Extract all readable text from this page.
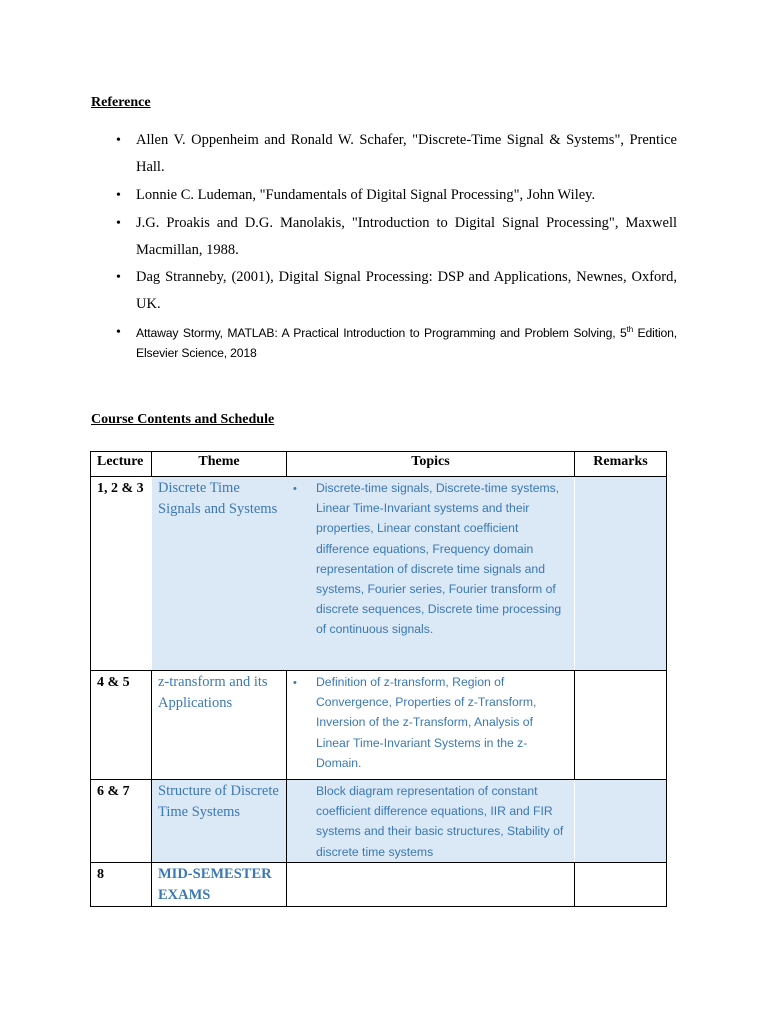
Reference
• Allen V. Oppenheim and Ronald W. Schafer, "Discrete-Time Signal & Systems", Prentice Hall.
• Lonnie C. Ludeman, "Fundamentals of Digital Signal Processing", John Wiley.
• J.G. Proakis and D.G. Manolakis, "Introduction to Digital Signal Processing", Maxwell Macmillan, 1988.
• Dag Stranneby, (2001), Digital Signal Processing: DSP and Applications, Newnes, Oxford, UK.
• Attaway Stormy, MATLAB: A Practical Introduction to Programming and Problem Solving, 5th Edition, Elsevier Science, 2018
Course Contents and Schedule
Lecture	Theme	Topics	Remarks
1, 2 & 3	Discrete Time Signals and Systems	• Discrete-time signals, Discrete-time systems, Linear Time-Invariant systems and their properties, Linear constant coefficient difference equations, Frequency domain representation of discrete time signals and systems, Fourier series, Fourier transform of discrete sequences, Discrete time processing of continuous signals.	

4 & 5	z-transform and its Applications	• Definition of z-transform, Region of Convergence, Properties of z-Transform, Inversion of the z-Transform, Analysis of Linear Time-Invariant Systems in the z-Domain.	

6 & 7	Structure of Discrete Time Systems	Block diagram representation of constant coefficient difference equations, IIR and FIR systems and their basic structures, Stability of discrete time systems	

8	MID-SEMESTER EXAMS		
